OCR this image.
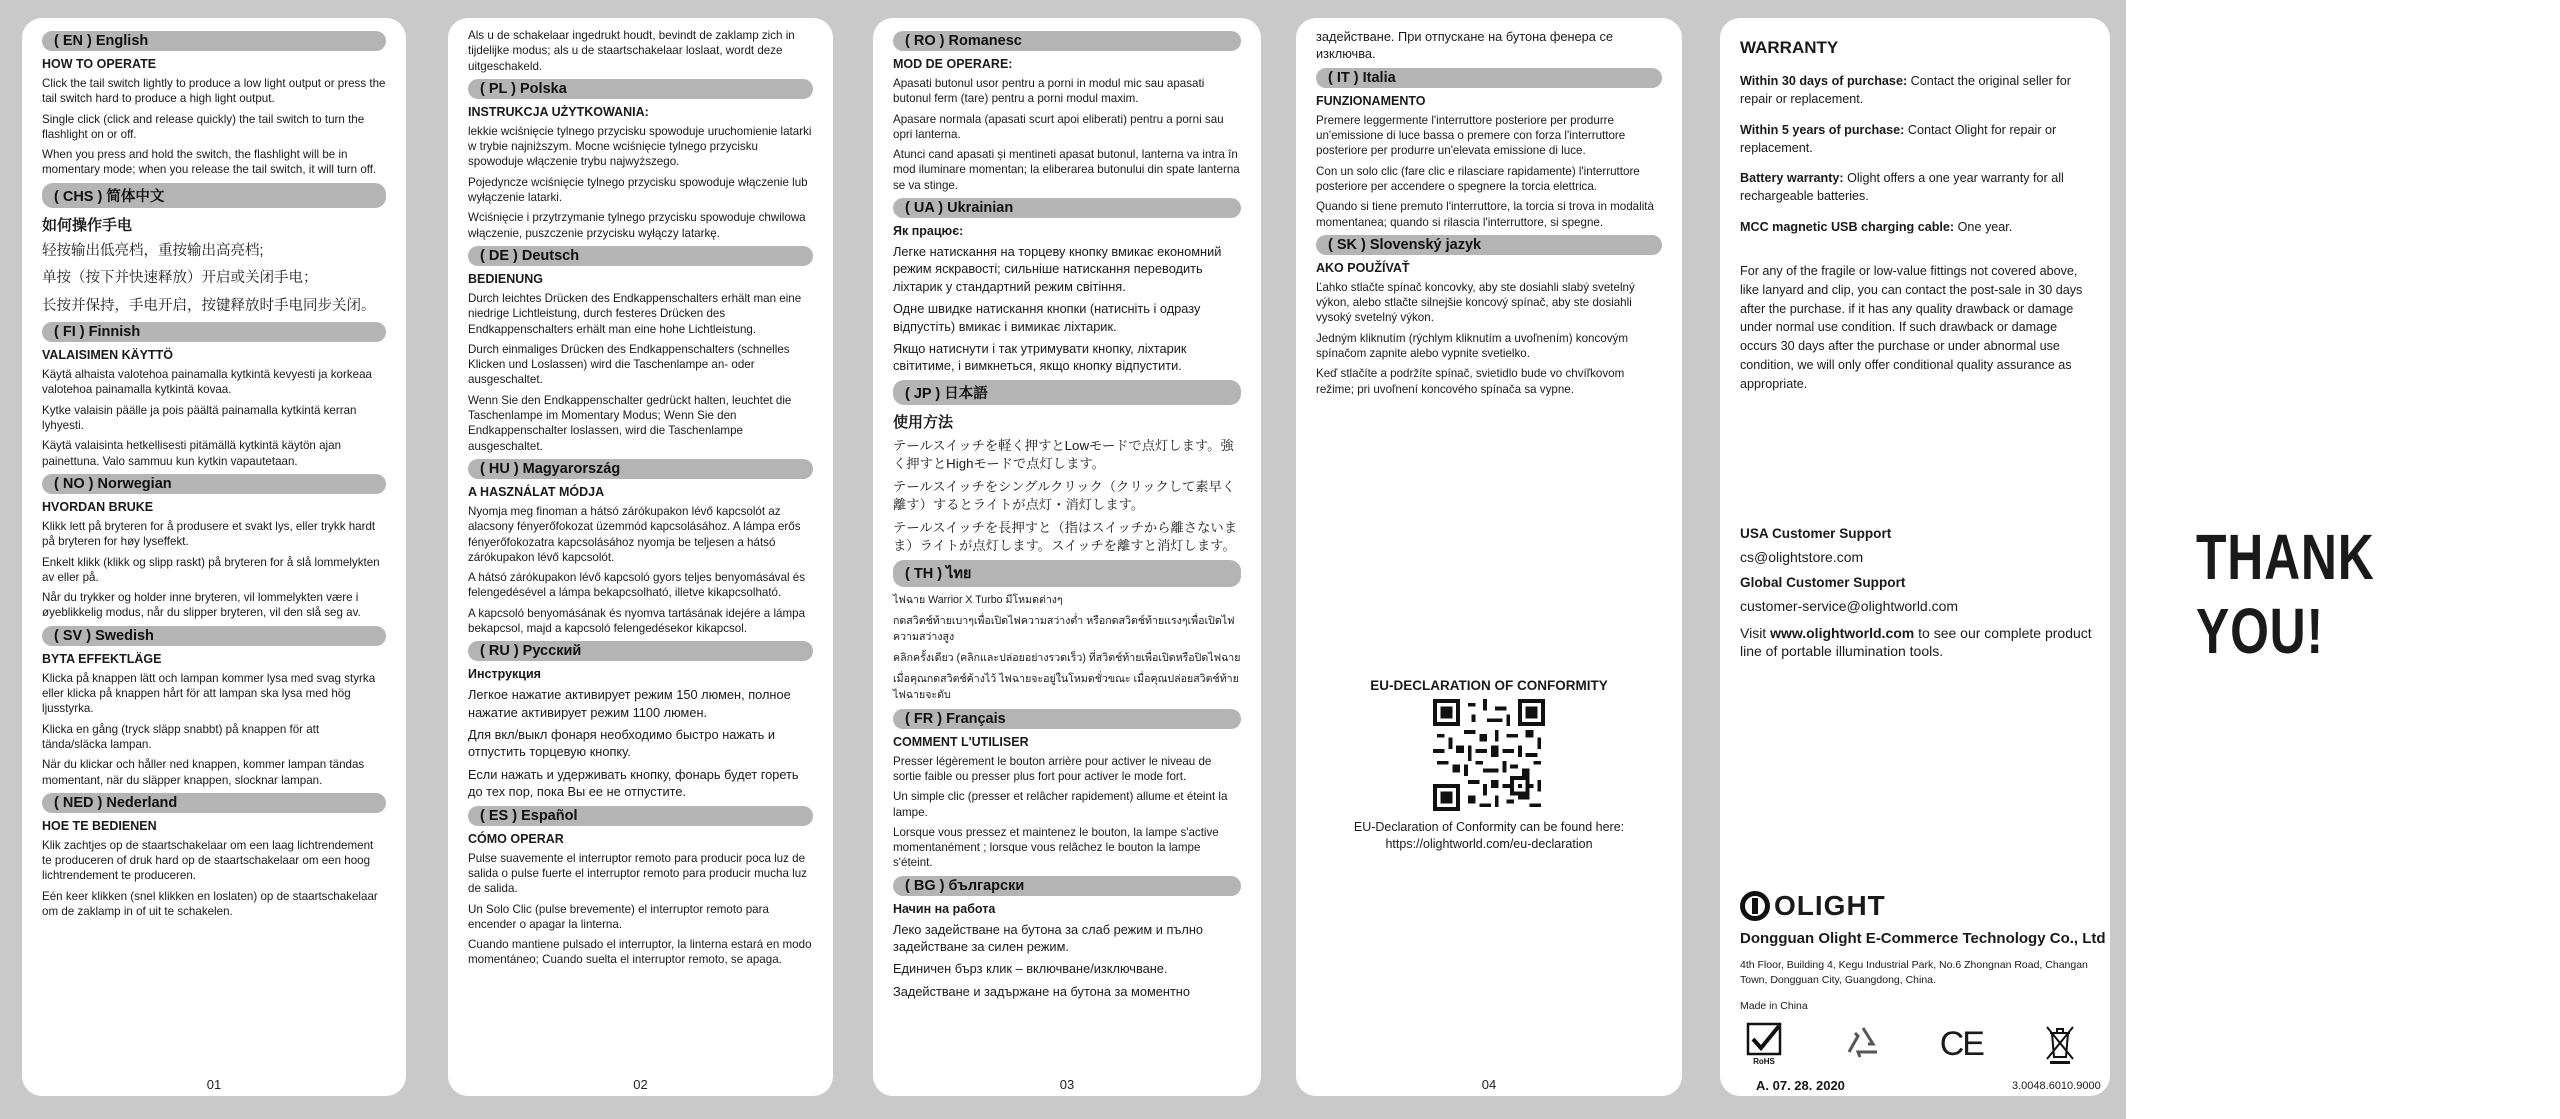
( EN ) English
HOW TO OPERATE
Click the tail switch lightly to produce a low light output or press the tail switch hard to produce a high light output.
Single click (click and release quickly) the tail switch to turn the flashlight on or off.
When you press and hold the switch, the flashlight will be in momentary mode; when you release the tail switch, it will turn off.
( CHS ) 简体中文
如何操作手电
轻按输出低亮档，重按输出高亮档;
单按（按下并快速释放）开启或关闭手电；
长按并保持，手电开启，按键释放时手电同步关闭。
( FI ) Finnish
VALAISIMEN KÄYTTÖ
Käytä alhaista valotehoa painamalla kytkintä kevyesti ja korkeaa valotehoa painamalla kytkintä kovaa.
Kytke valaisin päälle ja pois päältä painamalla kytkintä kerran lyhyesti.
Käytä valaisinta hetkellisesti pitämällä kytkintä käytön ajan painettuna. Valo sammuu kun kytkin vapautetaan.
( NO ) Norwegian
HVORDAN BRUKE
Klikk lett på bryteren for å produsere et svakt lys, eller trykk hardt på bryteren for høy lyseffekt.
Enkelt klikk (klikk og slipp raskt) på bryteren for å slå lommelykten av eller på.
Når du trykker og holder inne bryteren, vil lommelykten være i øyeblikkelig modus, når du slipper bryteren, vil den slå seg av.
( SV ) Swedish
BYTA EFFEKTLÄGE
Klicka på knappen lätt och lampan kommer lysa med svag styrka eller klicka på knappen hårt för att lampan ska lysa med hög ljusstyrka.
Klicka en gång (tryck släpp snabbt) på knappen för att tända/släcka lampan.
När du klickar och håller ned knappen, kommer lampan tändas momentant, när du släpper knappen, slocknar lampan.
( NED ) Nederland
HOE TE BEDIENEN
Klik zachtjes op de staartschakelaar om een laag lichtrendement te produceren of druk hard op de staartschakelaar om een hoog lichtrendement te produceren.
Eén keer klikken (snel klikken en loslaten) op de staartschakelaar om de zaklamp in of uit te schakelen.
01
Als u de schakelaar ingedrukt houdt, bevindt de zaklamp zich in tijdelijke modus; als u de staartschakelaar loslaat, wordt deze uitgeschakeld.
( PL ) Polska
INSTRUKCJA UŻYTKOWANIA:
lekkie wciśnięcie tylnego przycisku spowoduje uruchomienie latarki w trybie najniższym. Mocne wciśnięcie tylnego przycisku spowoduje włączenie trybu najwyższego.
Pojedyncze wciśnięcie tylnego przycisku spowoduje włączenie lub wyłączenie latarki.
Wciśnięcie i przytrzymanie tylnego przycisku spowoduje chwilowa włączenie, puszczenie przycisku wyłączy latarkę.
( DE ) Deutsch
BEDIENUNG
Durch leichtes Drücken des Endkappenschalters erhält man eine niedrige Lichtleistung, durch festeres Drücken des Endkappenschalters erhält man eine hohe Lichtleistung.
Durch einmaliges Drücken des Endkappenschalters (schnelles Klicken und Loslassen) wird die Taschenlampe an- oder ausgeschaltet.
Wenn Sie den Endkappenschalter gedrückt halten, leuchtet die Taschenlampe im Momentary Modus; Wenn Sie den Endkappenschalter loslassen, wird die Taschenlampe ausgeschaltet.
( HU ) Magyarország
A HASZNÁLAT MÓDJA
Nyomja meg finoman a hátsó zárókupakon lévő kapcsolót az alacsony fényerőfokozat üzemmód kapcsolásához. A lámpa erős fényerőfokozatra kapcsolásához nyomja be teljesen a hátsó zárókupakon lévő kapcsolót.
A hátsó zárókupakon lévő kapcsoló gyors teljes benyomásával és felengedésével a lámpa bekapcsolható, illetve kikapcsolható.
A kapcsoló benyomásának és nyomva tartásának idejére a lámpa bekapcsol, majd a kapcsoló felengedésekor kikapcsol.
( RU ) Русский
Инструкция
Легкое нажатие активирует режим 150 люмен, полное нажатие активирует режим 1100 люмен.
Для вкл/выкл фонаря необходимо быстро нажать и отпустить торцевую кнопку.
Если нажать и удерживать кнопку, фонарь будет гореть до тех пор, пока Вы ее не отпустите.
( ES ) Español
CÓMO OPERAR
Pulse suavemente el interruptor remoto para producir poca luz de salida o pulse fuerte el interruptor remoto para producir mucha luz de salida.
Un Solo Clic (pulse brevemente) el interruptor remoto para encender o apagar la linterna.
Cuando mantiene pulsado el interruptor, la linterna estará en modo momentáneo; Cuando suelta el interruptor remoto, se apaga.
02
( RO ) Romanesc
MOD DE OPERARE:
Apasati butonul usor pentru a porni in modul mic sau apasati butonul ferm (tare) pentru a porni modul maxim.
Apasare normala (apasati scurt apoi eliberati) pentru a porni sau opri lanterna.
Atunci cand apasati și mentineti apasat butonul, lanterna va intra în mod iluminare momentan; la eliberarea butonului din spate lanterna se va stinge.
( UA ) Ukrainian
Як працює:
Легке натискання на торцеву кнопку вмикає економний режим яскравості; сильніше натискання переводить ліхтарик у стандартний режим світіння.
Одне швидке натискання кнопки (натисніть і одразу відпустіть) вмикає і вимикає ліхтарик.
Якщо натиснути і так утримувати кнопку, ліхтарик світитиме, і вимкнеться, якщо кнопку відпустити.
( JP ) 日本語
使用方法
テールスイッチを軽く押すとLowモードで点灯します。強く押すとHighモードで点灯します。
テールスイッチをシングルクリック（クリックして素早く離す）するとライトが点灯・消灯します。
テールスイッチを長押すと（指はスイッチから離さないまま）ライトが点灯します。スイッチを離すと消灯します。
( TH ) ไทย
ไฟฉาย Warrior X Turbo มีโหมดต่างๆ
กดสวิตช์ท้ายเบาๆเพื่อเปิดไฟความสว่างต่ำ หรือกดสวิตช์ท้ายแรงๆเพื่อเปิดไฟความสว่างสูง
คลิกครั้งเดียว (คลิกและปล่อยอย่างรวดเร็ว) ที่สวิตช์ท้ายเพื่อเปิดหรือปิดไฟฉาย
เมื่อคุณกดสวิตช์ค้างไว้ ไฟฉายจะอยู่ในโหมดชั่วขณะ เมื่อคุณปล่อยสวิตช์ท้าย ไฟฉายจะดับ
( FR ) Français
COMMENT L'UTILISER
Presser légèrement le bouton arrière pour activer le niveau de sortie faible ou presser plus fort pour activer le mode fort.
Un simple clic (presser et relâcher rapidement) allume et éteint la lampe.
Lorsque vous pressez et maintenez le bouton, la lampe s'active momentanément ; lorsque vous relâchez le bouton la lampe s'éteint.
( BG ) български
Начин на работа
Леко задействане на бутона за слаб режим и пълно задействане за силен режим.
Единичен бърз клик – включване/изключване.
Задействане и задържане на бутона за моментно
03
задействане. При отпускане на бутона фенера се изключва.
( IT ) Italia
FUNZIONAMENTO
Premere leggermente l'interruttore posteriore per produrre un'emissione di luce bassa o premere con forza l'interruttore posteriore per produrre un'elevata emissione di luce.
Con un solo clic (fare clic e rilasciare rapidamente) l'interruttore posteriore per accendere o spegnere la torcia elettrica.
Quando si tiene premuto l'interruttore, la torcia si trova in modalità momentanea; quando si rilascia l'interruttore, si spegne.
( SK ) Slovenský jazyk
AKO POUŽÍVAŤ
Ľahko stlačte spínač koncovky, aby ste dosiahli slabý svetelný výkon, alebo stlačte silnejšie koncový spínač, aby ste dosiahli vysoký svetelný výkon.
Jedným kliknutím (rýchlym kliknutím a uvoľnením) koncovým spínačom zapnite alebo vypnite svetielko.
Keď stlačíte a podržíte spínač, svietidlo bude vo chvíľkovom režime; pri uvoľnení koncového spínača sa vypne.
04
EU-DECLARATION OF CONFORMITY
EU-Declaration of Conformity can be found here:
https://olightworld.com/eu-declaration
WARRANTY
Within 30 days of purchase: Contact the original seller for repair or replacement.
Within 5 years of purchase: Contact Olight for repair or replacement.
Battery warranty: Olight offers a one year warranty for all rechargeable batteries.
MCC magnetic USB charging cable: One year.
For any of the fragile or low-value fittings not covered above, like lanyard and clip, you can contact the post-sale in 30 days after the purchase. if it has any quality drawback or damage under normal use condition. If such drawback or damage occurs 30 days after the purchase or under abnormal use condition, we will only offer conditional quality assurance as appropriate.
USA Customer Support
cs@olightstore.com
Global Customer Support
customer-service@olightworld.com
Visit www.olightworld.com to see our complete product line of portable illumination tools.
OLIGHT
Dongguan Olight E-Commerce Technology Co., Ltd
4th Floor, Building 4, Kegu Industrial Park, No.6 Zhongnan Road, Changan Town, Dongguan City, Guangdong, China.
Made in China
RoHS	CE
A. 07. 28. 2020	3.0048.6010.9000
THANK YOU!
